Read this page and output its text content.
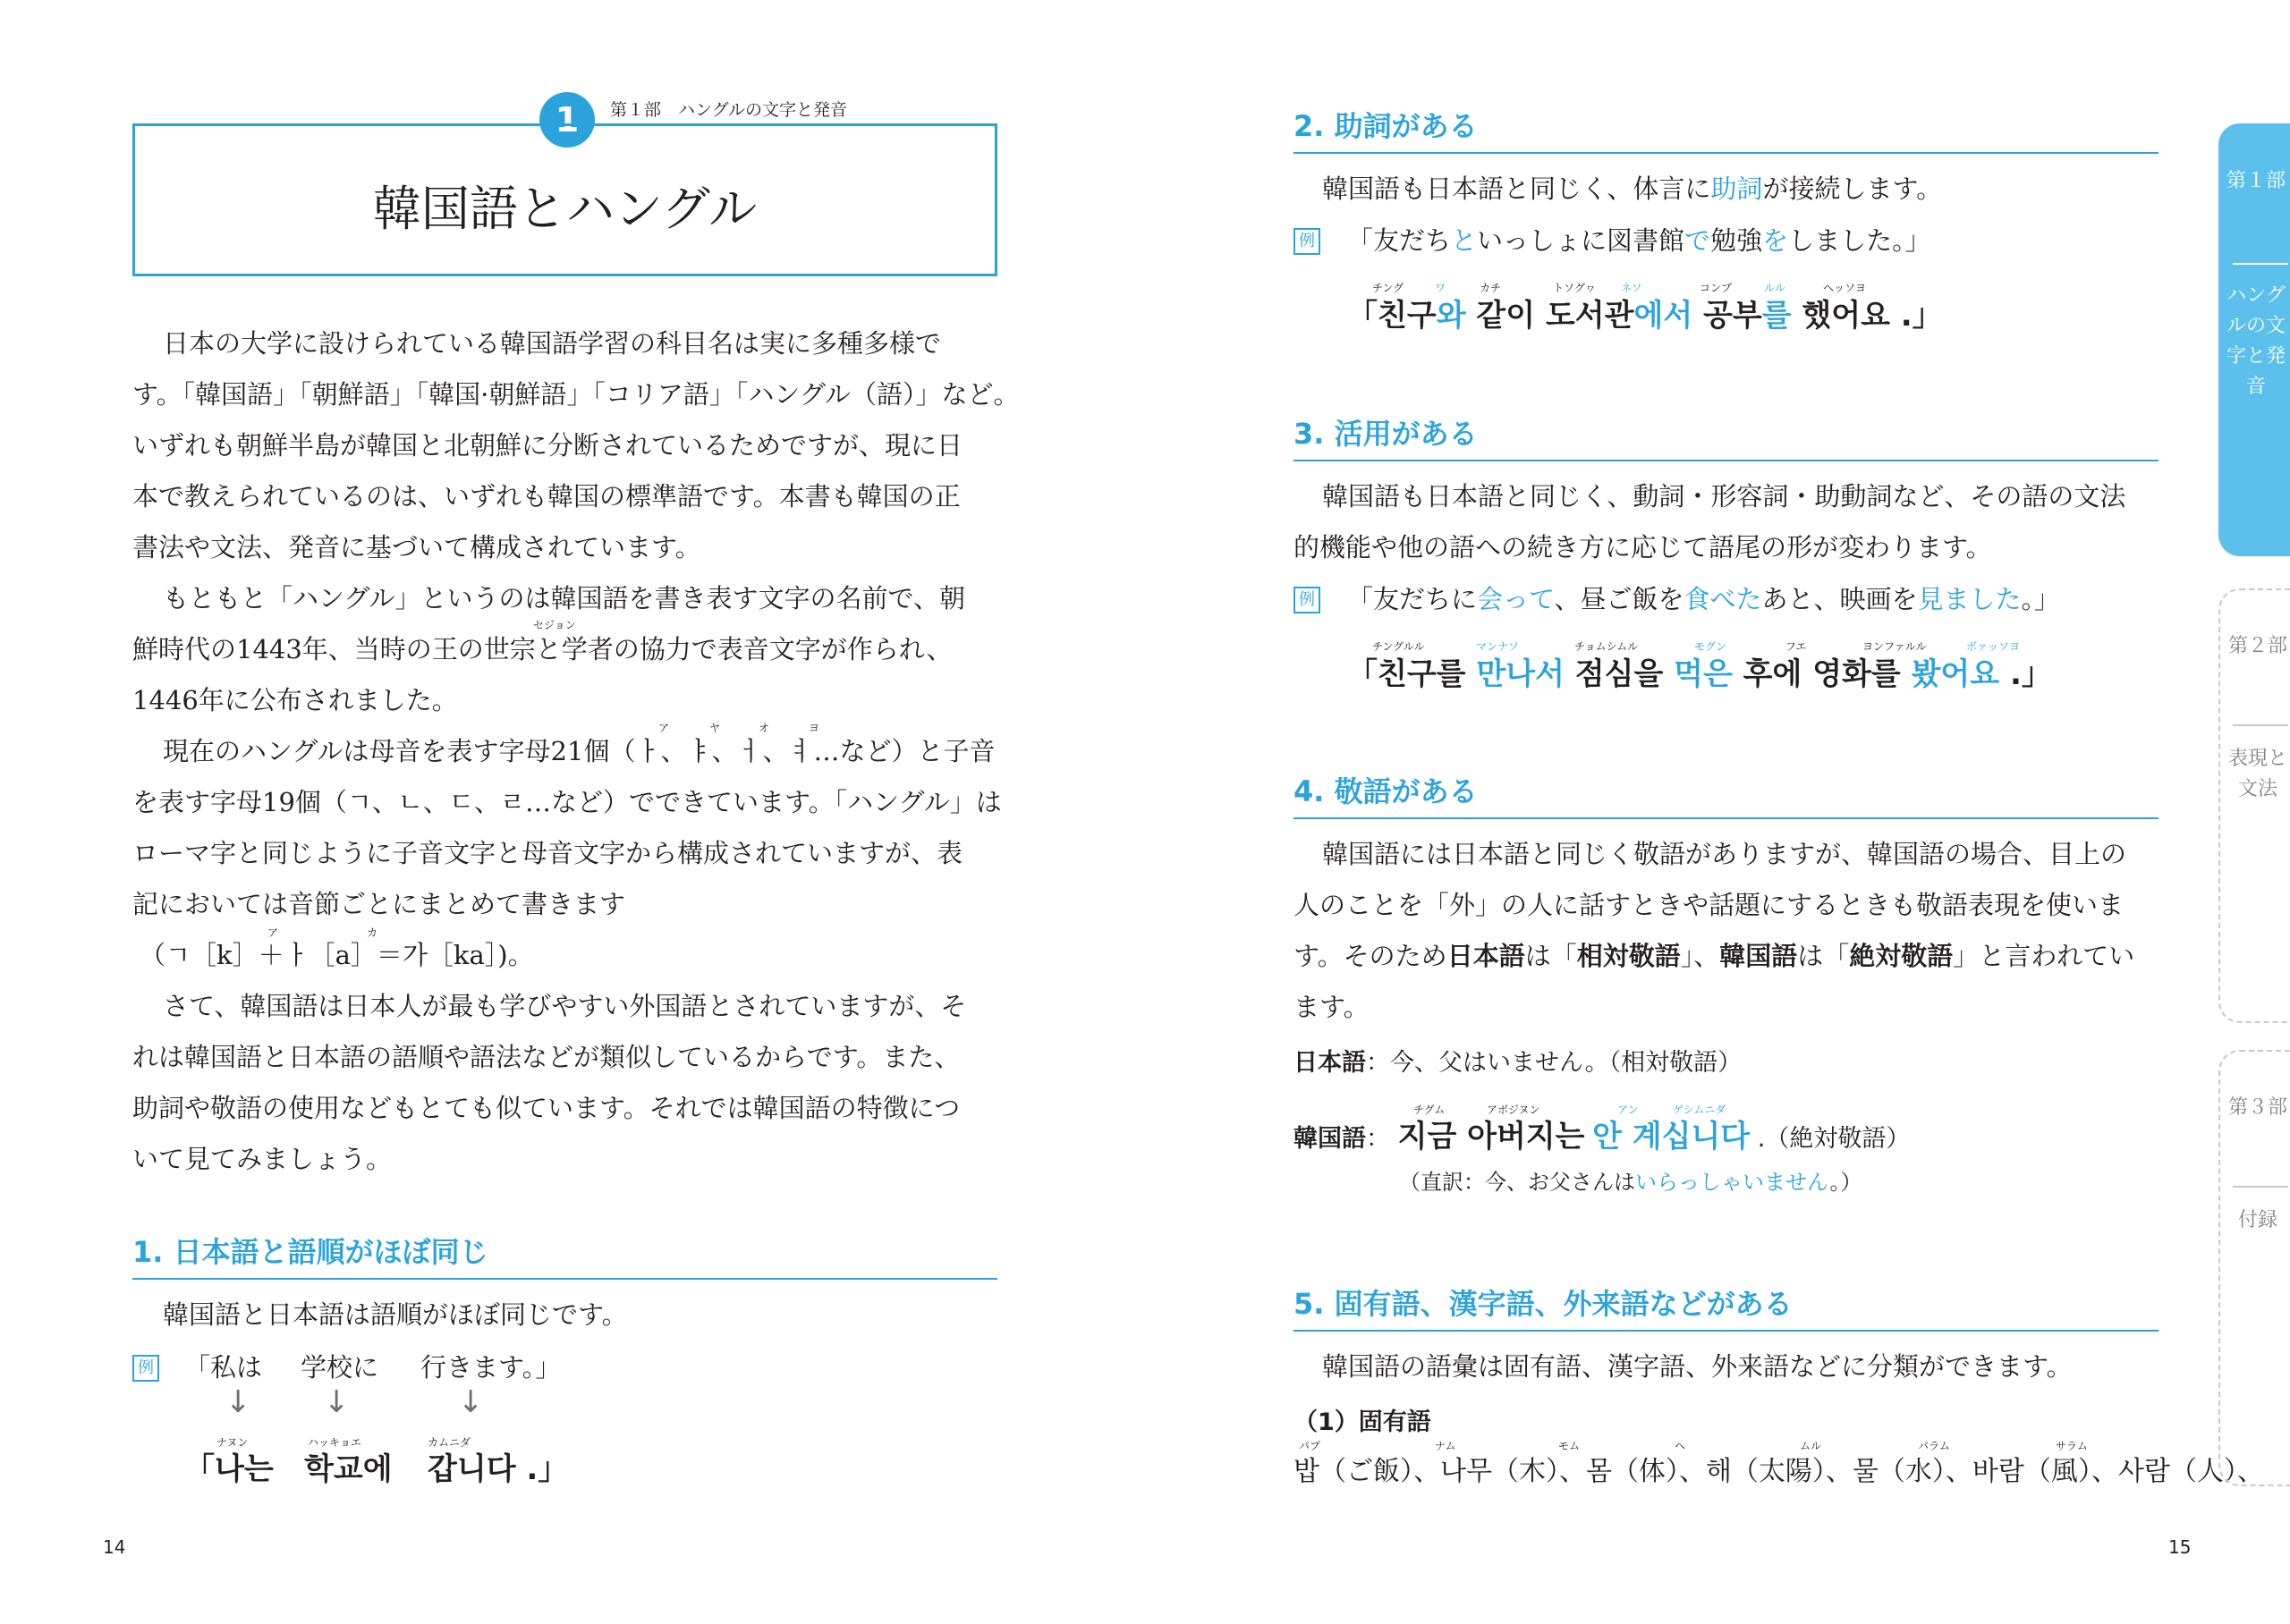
1	第１部　ハングルの文字と発音
韓国語とハングル
日本の大学に設けられている韓国語学習の科目名は実に多種多様で
す。「韓国語」「朝鮮語」「韓国·朝鮮語」「コリア語」「ハングル（語）」など。
いずれも朝鮮半島が韓国と北朝鮮に分断されているためですが、現に日
本で教えられているのは、いずれも韓国の標準語です。本書も韓国の正
書法や文法、発音に基づいて構成されています。
もともと「ハングル」というのは韓国語を書き表す文字の名前で、朝
セジョン
鮮時代の1443年、当時の王の世宗と学者の協力で表音文字が作られ、
1446年に公布されました。
ア	ヤ	オ	ヨ
現在のハングルは母音を表す字母21個（ㅏ、ㅑ、ㅓ、ㅕ…など）と子音
を表す字母19個（ㄱ、ㄴ、ㄷ、ㄹ…など）でできています。「ハングル」は
ローマ字と同じように子音文字と母音文字から構成されていますが、表
記においては音節ごとにまとめて書きます
ア	カ
（ㄱ［k］＋ㅏ［a］＝가［ka］)。
さて、韓国語は日本人が最も学びやすい外国語とされていますが、そ
れは韓国語と日本語の語順や語法などが類似しているからです。また、
助詞や敬語の使用などもとても似ています。それでは韓国語の特徴につ
いて見てみましょう。
1. 日本語と語順がほぼ同じ
韓国語と日本語は語順がほぼ同じです。
例 「私は 学校に 行きます。」
↓ ↓	↓
ナヌン	ハッキョエ	カムニダ
「나는 학교에 갑니다 .」
14
2. 助詞がある
韓国語も日本語と同じく、体言に助詞が接続します。
例 「友だちといっしょに図書館で勉強をしました。」
チング	ワ	カチ	トソグヮ ネソ	コンブ	ルル	ヘッソヨ
「친구와 같이 도서관에서 공부를 했어요 .」
3. 活用がある
韓国語も日本語と同じく、動詞・形容詞・助動詞など、その語の文法
的機能や他の語への続き方に応じて語尾の形が変わります。
例 「友だちに会って、昼ご飯を食べたあと、映画を見ました。」
チングルル	マンナソ	チョムシムル	モグン	フエ	ヨンファルル	ボァッソヨ
「친구를 만나서 점심을 먹은 후에 영화를 봤어요 .」
4. 敬語がある
韓国語には日本語と同じく敬語がありますが、韓国語の場合、目上の
人のことを「外」の人に話すときや話題にするときも敬語表現を使いま
す。そのため日本語は「相対敬語」、韓国語は「絶対敬語」と言われてい
ます。
日本語：今、父はいません。（相対敬語）
チグム	アボジヌン	アン	ゲシムニダ
韓国語： 지금 아버지는 안 계십니다 .（絶対敬語）
（直訳：今、お父さんはいらっしゃいません。）
5. 固有語、漢字語、外来語などがある
韓国語の語彙は固有語、漢字語、外来語などに分類ができます。
（1）固有語
パプ	ナム	モム	ヘ	ムル	パラム	サラム
밥（ご飯）、나무（木）、몸（体）、해（太陽）、물（水）、바람（風）、사람（人）、
15
第１部
ハングルの文字と発音
第２部
表現と文法
第３部
付録
